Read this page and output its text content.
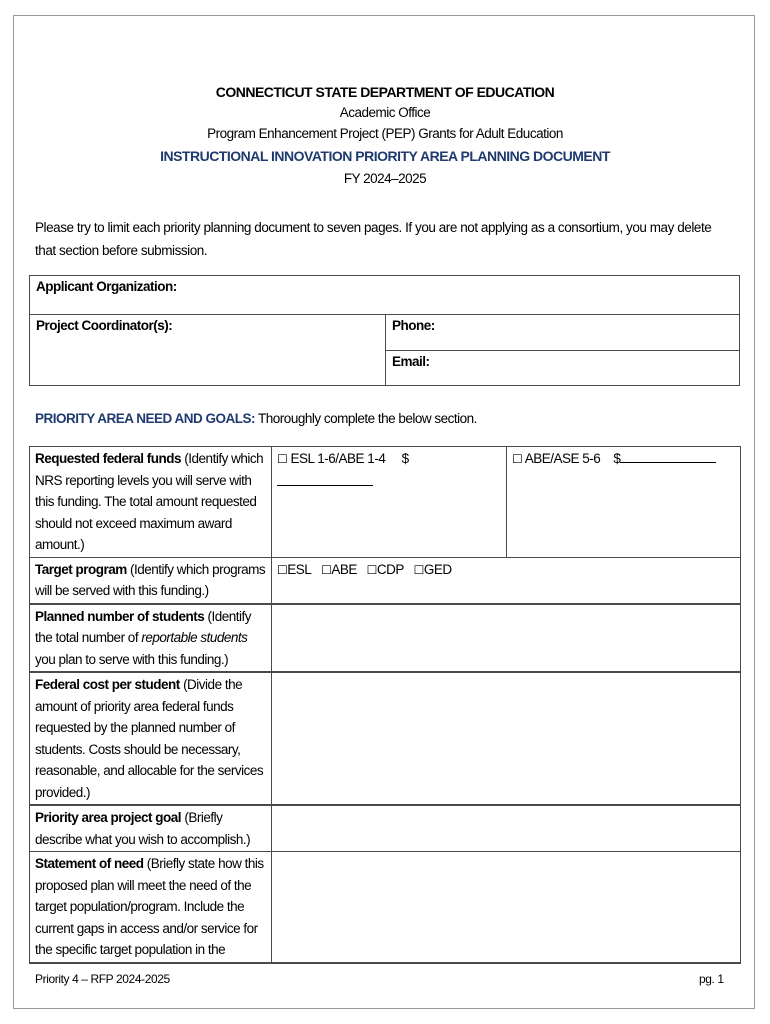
CONNECTICUT STATE DEPARTMENT OF EDUCATION
Academic Office
Program Enhancement Project (PEP) Grants for Adult Education
INSTRUCTIONAL INNOVATION PRIORITY AREA PLANNING DOCUMENT
FY 2024–2025
Please try to limit each priority planning document to seven pages. If you are not applying as a consortium, you may delete that section before submission.
Applicant Organization:
Project Coordinator(s):	Phone:
Email:
PRIORITY AREA NEED AND GOALS: Thoroughly complete the below section.
Requested federal funds (Identify which NRS reporting levels you will serve with this funding. The total amount requested should not exceed maximum award amount.)	☐ ESL 1-6/ABE 1-4 $	☐ ABE/ASE 5-6 $
Target program (Identify which programs will be served with this funding.)	☐ESL ☐ABE ☐CDP ☐GED	
Planned number of students (Identify the total number of reportable students you plan to serve with this funding.)		
Federal cost per student (Divide the amount of priority area federal funds requested by the planned number of students. Costs should be necessary, reasonable, and allocable for the services provided.)		
Priority area project goal (Briefly describe what you wish to accomplish.)		
Statement of need (Briefly state how this proposed plan will meet the need of the target population/program. Include the current gaps in access and/or service for the specific target population in the		
Priority 4 – RFP 2024-2025	pg. 1
